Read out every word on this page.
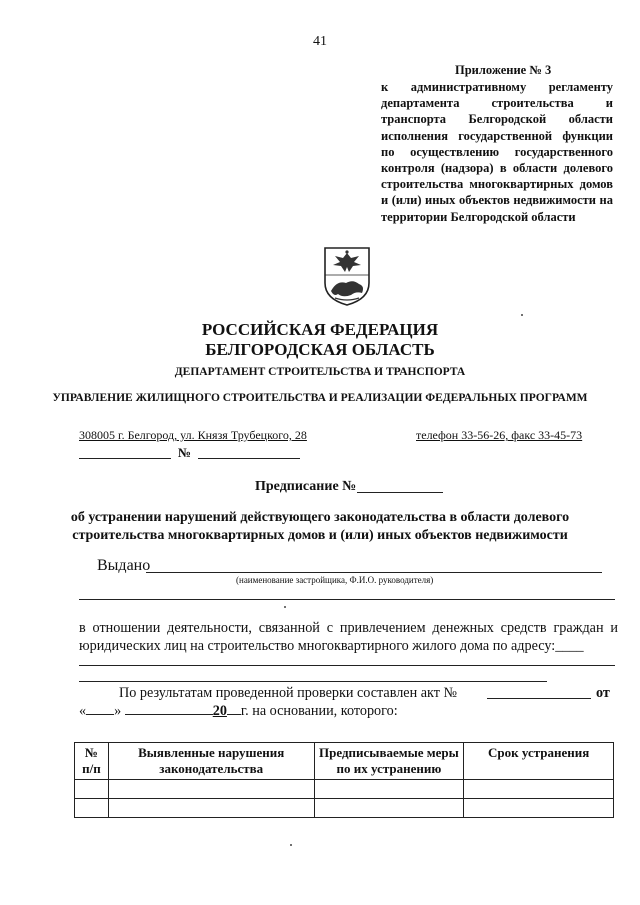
41
Приложение № 3
к административному регламенту департамента строительства и транспорта Белгородской области исполнения государственной функции по осуществлению государственного контроля (надзора) в области долевого строительства многоквартирных домов и (или) иных объектов недвижимости на территории Белгородской области
РОССИЙСКАЯ ФЕДЕРАЦИЯ
БЕЛГОРОДСКАЯ ОБЛАСТЬ
ДЕПАРТАМЕНТ СТРОИТЕЛЬСТВА И ТРАНСПОРТА
УПРАВЛЕНИЕ ЖИЛИЩНОГО СТРОИТЕЛЬСТВА И РЕАЛИЗАЦИИ ФЕДЕРАЛЬНЫХ ПРОГРАММ
308005 г. Белгород, ул. Князя Трубецкого, 28	телефон 33-56-26, факс 33-45-73
№
Предписание №
об устранении нарушений действующего законодательства в области долевого строительства многоквартирных домов и (или) иных объектов недвижимости
Выдано
(наименование застройщика, Ф.И.О. руководителя)
в отношении деятельности, связанной с привлечением денежных средств граждан и юридических лиц на строительство многоквартирного жилого дома по адресу:____
По результатам проведенной проверки составлен акт №	от
« »	20 г. на основании, которого:
№ п/п	Выявленные нарушения законодательства	Предписываемые меры по их устранению	Срок устранения
